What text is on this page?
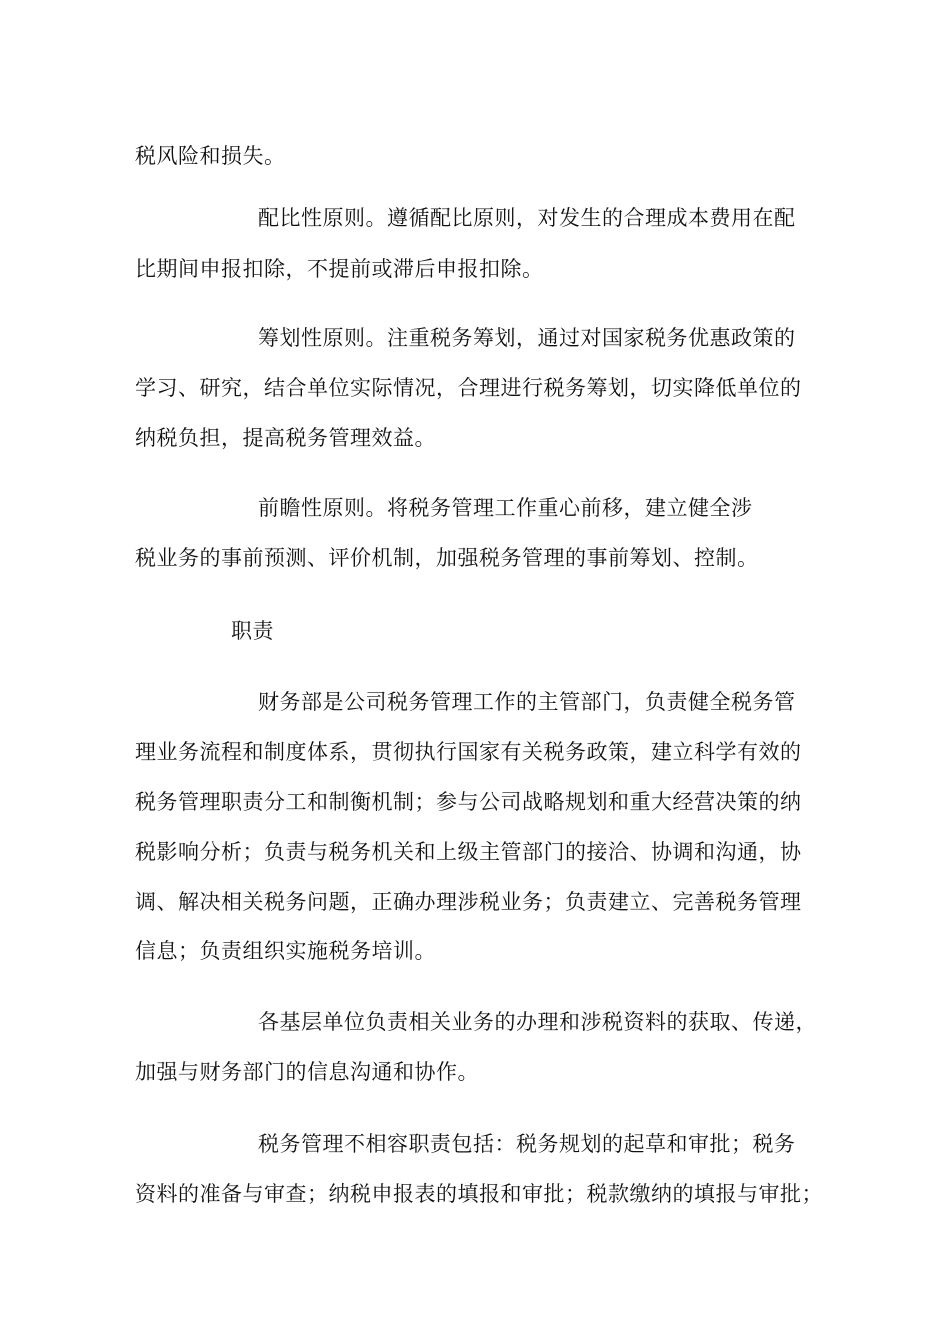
税风险和损失。
配比性原则。遵循配比原则，对发生的合理成本费用在配
比期间申报扣除，不提前或滞后申报扣除。
筹划性原则。注重税务筹划，通过对国家税务优惠政策的
学习、研究，结合单位实际情况，合理进行税务筹划，切实降低单位的
纳税负担，提高税务管理效益。
前瞻性原则。将税务管理工作重心前移，建立健全涉
税业务的事前预测、评价机制，加强税务管理的事前筹划、控制。
职责
财务部是公司税务管理工作的主管部门，负责健全税务管
理业务流程和制度体系，贯彻执行国家有关税务政策，建立科学有效的
税务管理职责分工和制衡机制；参与公司战略规划和重大经营决策的纳
税影响分析；负责与税务机关和上级主管部门的接洽、协调和沟通，协
调、解决相关税务问题，正确办理涉税业务；负责建立、完善税务管理
信息；负责组织实施税务培训。
各基层单位负责相关业务的办理和涉税资料的获取、传递，
加强与财务部门的信息沟通和协作。
税务管理不相容职责包括：税务规划的起草和审批；税务
资料的准备与审查；纳税申报表的填报和审批；税款缴纳的填报与审批；
